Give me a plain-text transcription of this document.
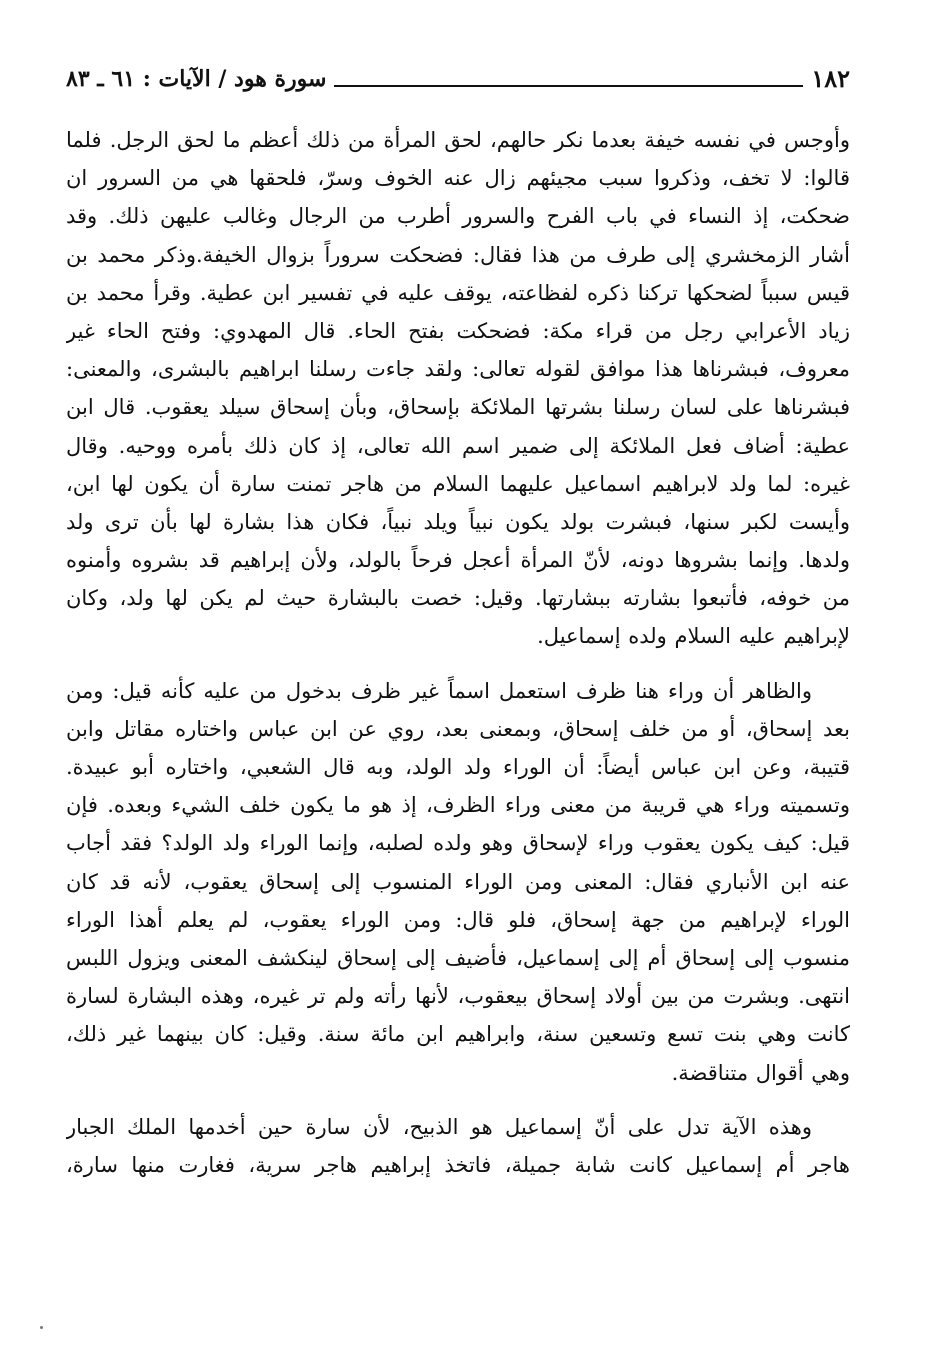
١٨٢
سورة هود / الآيات : ٦١ ـ ٨٣
وأوجس في نفسه خيفة بعدما نكر حالهم، لحق المرأة من ذلك أعظم ما لحق الرجل. فلما
قالوا: لا تخف، وذكروا سبب مجيئهم زال عنه الخوف وسرّ، فلحقها هي من السرور ان
ضحكت، إذ النساء في باب الفرح والسرور أطرب من الرجال وغالب عليهن ذلك. وقد
أشار الزمخشري إلى طرف من هذا فقال: فضحكت سروراً بزوال الخيفة.وذكر محمد بن
قيس سبباً لضحكها تركنا ذكره لفظاعته، يوقف عليه في تفسير ابن عطية. وقرأ محمد بن
زياد الأعرابي رجل من قراء مكة: فضحكت بفتح الحاء. قال المهدوي: وفتح الحاء غير
معروف، فبشرناها هذا موافق لقوله تعالى: ولقد جاءت رسلنا ابراهيم بالبشرى، والمعنى:
فبشرناها على لسان رسلنا بشرتها الملائكة بإسحاق، وبأن إسحاق سيلد يعقوب. قال ابن
عطية: أضاف فعل الملائكة إلى ضمير اسم الله تعالى، إذ كان ذلك بأمره ووحيه. وقال
غيره: لما ولد لابراهيم اسماعيل عليهما السلام من هاجر تمنت سارة أن يكون لها ابن،
وأيست لكبر سنها، فبشرت بولد يكون نبياً ويلد نبياً، فكان هذا بشارة لها بأن ترى ولد
ولدها. وإنما بشروها دونه، لأنّ المرأة أعجل فرحاً بالولد، ولأن إبراهيم قد بشروه وأمنوه
من خوفه، فأتبعوا بشارته ببشارتها. وقيل: خصت بالبشارة حيث لم يكن لها ولد، وكان
لإبراهيم عليه السلام ولده إسماعيل.
والظاهر أن وراء هنا ظرف استعمل اسماً غير ظرف بدخول من عليه كأنه قيل: ومن
بعد إسحاق، أو من خلف إسحاق، وبمعنى بعد، روي عن ابن عباس واختاره مقاتل وابن
قتيبة، وعن ابن عباس أيضاً: أن الوراء ولد الولد، وبه قال الشعبي، واختاره أبو عبيدة.
وتسميته وراء هي قريبة من معنى وراء الظرف، إذ هو ما يكون خلف الشيء وبعده. فإن
قيل: كيف يكون يعقوب وراء لإسحاق وهو ولده لصلبه، وإنما الوراء ولد الولد؟ فقد أجاب
عنه ابن الأنباري فقال: المعنى ومن الوراء المنسوب إلى إسحاق يعقوب، لأنه قد كان
الوراء لإبراهيم من جهة إسحاق، فلو قال: ومن الوراء يعقوب، لم يعلم أهذا الوراء
منسوب إلى إسحاق أم إلى إسماعيل، فأضيف إلى إسحاق لينكشف المعنى ويزول اللبس
انتهى. وبشرت من بين أولاد إسحاق بيعقوب، لأنها رأته ولم تر غيره، وهذه البشارة لسارة
كانت وهي بنت تسع وتسعين سنة، وابراهيم ابن مائة سنة. وقيل: كان بينهما غير ذلك،
وهي أقوال متناقضة.
وهذه الآية تدل على أنّ إسماعيل هو الذبيح، لأن سارة حين أخدمها الملك الجبار
هاجر أم إسماعيل كانت شابة جميلة، فاتخذ إبراهيم هاجر سرية، فغارت منها سارة،
